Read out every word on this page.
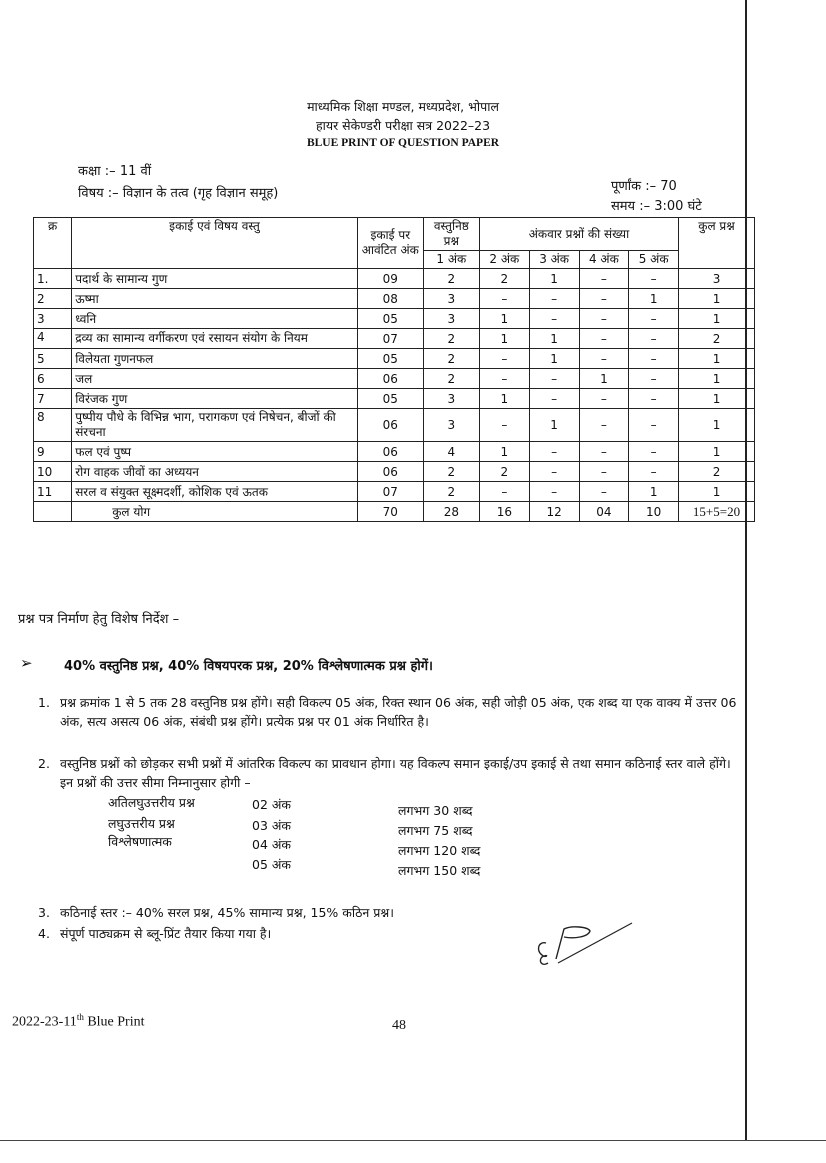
माध्यमिक शिक्षा मण्डल, मध्यप्रदेश, भोपाल
हायर सेकेण्डरी परीक्षा सत्र 2022–23
BLUE PRINT OF QUESTION PAPER
कक्षा :– 11 वीं
विषय :– विज्ञान के तत्व (गृह विज्ञान समूह)	पूर्णांक :– 70
समय :– 3:00 घंटे
क्र	इकाई एवं विषय वस्तु	इकाई पर आवंटित अंक	वस्तुनिष्ठ प्रश्न	अंकवार प्रश्नों की संख्या				कुल प्रश्न
			1 अंक	2 अंक	3 अंक	4 अंक	5 अंक	
1.	पदार्थ के सामान्य गुण	09	2	2	1	–	–	3
2	ऊष्मा	08	3	–	–	–	1	1
3	ध्वनि	05	3	1	–	–	–	1
4	द्रव्य का सामान्य वर्गीकरण एवं रसायन संयोग के नियम	07	2	1	1	–	–	2
5	विलेयता गुणनफल	05	2	–	1	–	–	1
6	जल	06	2	–	–	1	–	1
7	विरंजक गुण	05	3	1	–	–	–	1
8	पुष्पीय पौधे के विभिन्न भाग, परागकण एवं निषेचन, बीजों की संरचना	06	3	–	1	–	–	1
9	फल एवं पुष्प	06	4	1	–	–	–	1
10	रोग वाहक जीवों का अध्ययन	06	2	2	–	–	–	2
11	सरल व संयुक्त सूक्ष्मदर्शी, कोशिक एवं ऊतक	07	2	–	–	–	1	1
	कुल योग	70	28	16	12	04	10	15+5=20
प्रश्न पत्र निर्माण हेतु विशेष निर्देश –
➢ 40% वस्तुनिष्ठ प्रश्न, 40% विषयपरक प्रश्न, 20% विश्लेषणात्मक प्रश्न होगें।
1. प्रश्न क्रमांक 1 से 5 तक 28 वस्तुनिष्ठ प्रश्न होंगे। सही विकल्प 05 अंक, रिक्त स्थान 06 अंक, सही जोड़ी 05 अंक, एक शब्द या एक वाक्य में उत्तर 06 अंक, सत्य असत्य 06 अंक, संबंधी प्रश्न होंगे। प्रत्येक प्रश्न पर 01 अंक निर्धारित है।
2. वस्तुनिष्ठ प्रश्नों को छोड़कर सभी प्रश्नों में आंतरिक विकल्प का प्रावधान होगा। यह विकल्प समान इकाई/उप इकाई से तथा समान कठिनाई स्तर वाले होंगे। इन प्रश्नों की उत्तर सीमा निम्नानुसार होगी –
अतिलघुउत्तरीय प्रश्न	02 अंक	लगभग 30 शब्द
लघुउत्तरीय प्रश्न	03 अंक	लगभग 75 शब्द
विश्लेषणात्मक	04 अंक	लगभग 120 शब्द
05 अंक	लगभग 150 शब्द
3. कठिनाई स्तर :– 40% सरल प्रश्न, 45% सामान्य प्रश्न, 15% कठिन प्रश्न।
4. संपूर्ण पाठ्यक्रम से ब्लू-प्रिंट तैयार किया गया है।
2022-23-11th Blue Print	48
